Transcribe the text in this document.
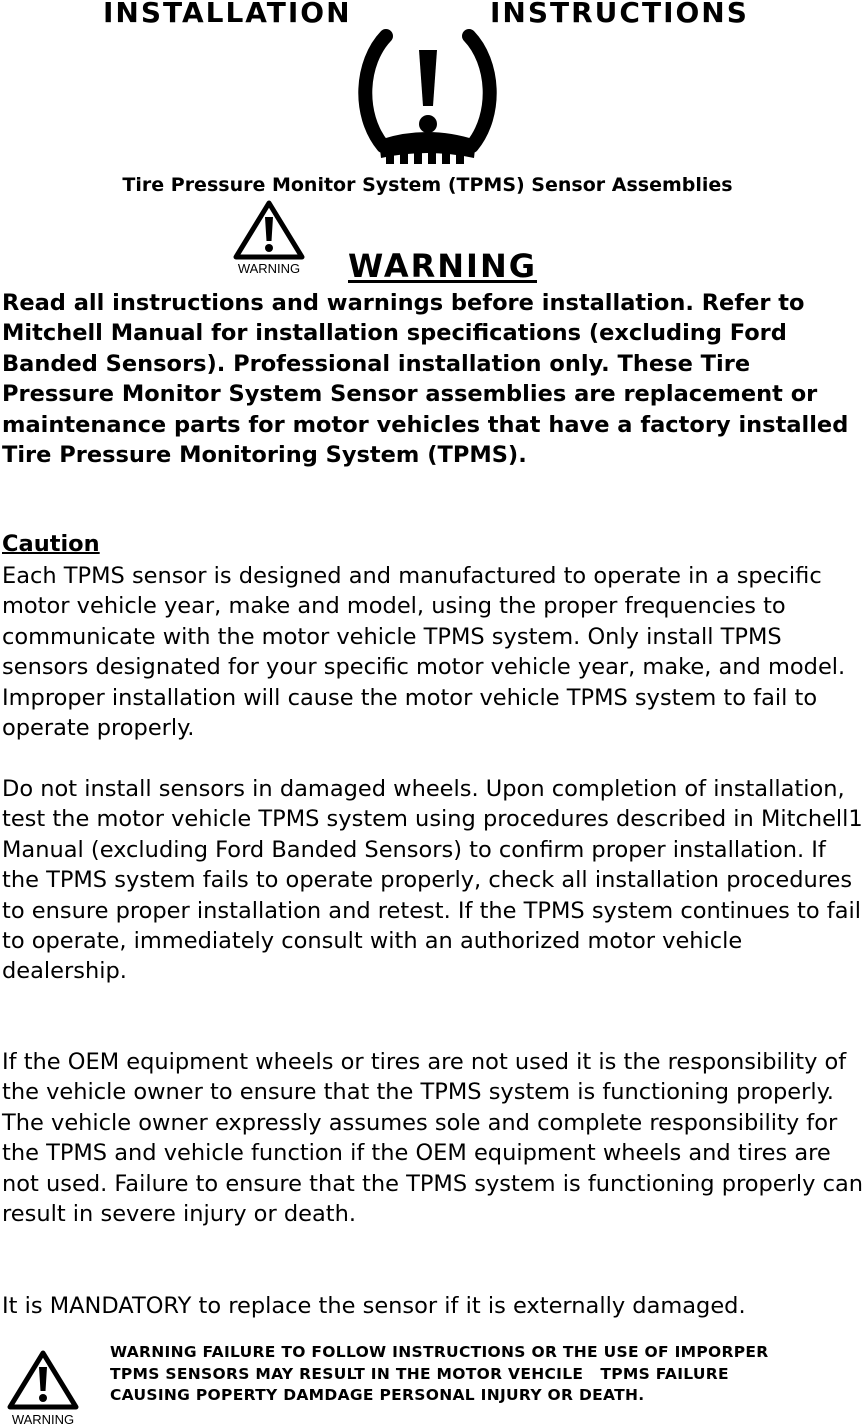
INSTALLATION	INSTRUCTIONS
Tire Pressure Monitor System (TPMS) Sensor Assemblies
WARNING WARNING

Read all instructions and warnings before installation. Refer to Mitchell Manual for installation specifications (excluding Ford Banded Sensors). Professional installation only. These Tire Pressure Monitor System Sensor assemblies are replacement or maintenance parts for motor vehicles that have a factory installed Tire Pressure Monitoring System (TPMS).

Caution

Each TPMS sensor is designed and manufactured to operate in a specific motor vehicle year, make and model, using the proper frequencies to communicate with the motor vehicle TPMS system. Only install TPMS sensors designated for your specific motor vehicle year, make, and model. Improper installation will cause the motor vehicle TPMS system to fail to operate properly.

Do not install sensors in damaged wheels. Upon completion of installation, test the motor vehicle TPMS system using procedures described in Mitchell1 Manual (excluding Ford Banded Sensors) to confirm proper installation. If the TPMS system fails to operate properly, check all installation procedures to ensure proper installation and retest. If the TPMS system continues to fail to operate, immediately consult with an authorized motor vehicle dealership.

If the OEM equipment wheels or tires are not used it is the responsibility of the vehicle owner to ensure that the TPMS system is functioning properly. The vehicle owner expressly assumes sole and complete responsibility for the TPMS and vehicle function if the OEM equipment wheels and tires are not used. Failure to ensure that the TPMS system is functioning properly can result in severe injury or death.

It is MANDATORY to replace the sensor if it is externally damaged.

WARNING

WARNING FAILURE TO FOLLOW INSTRUCTIONS OR THE USE OF IMPORPER
TPMS SENSORS MAY RESULT IN THE MOTOR VEHCILE   TPMS FAILURE
CAUSING POPERTY DAMDAGE PERSONAL INJURY OR DEATH.
